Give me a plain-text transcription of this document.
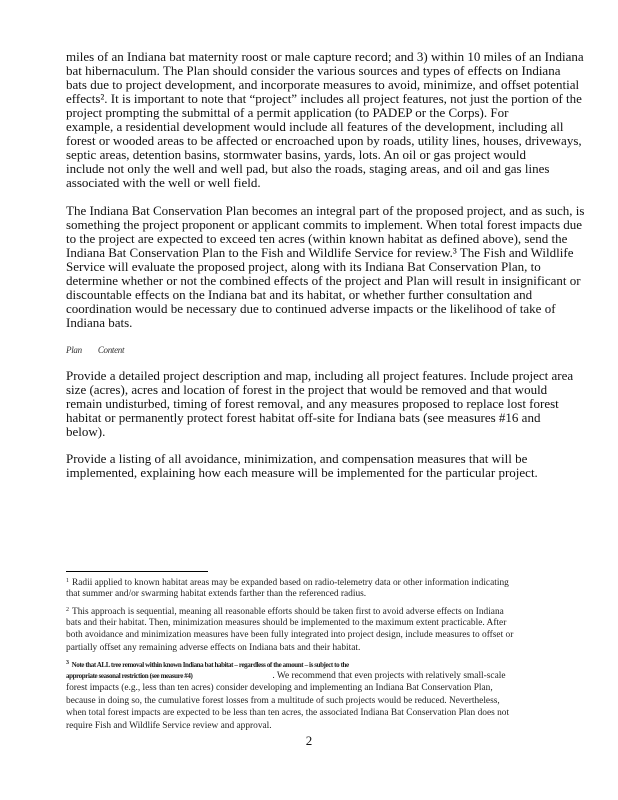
miles of an Indiana bat maternity roost or male capture record; and 3) within 10 miles of an Indiana
bat hibernaculum. The Plan should consider the various sources and types of effects on Indiana
bats due to project development, and incorporate measures to avoid, minimize, and offset potential
effects². It is important to note that “project” includes all project features, not just the portion of the
project prompting the submittal of a permit application (to PADEP or the Corps). For
example, a residential development would include all features of the development, including all
forest or wooded areas to be affected or encroached upon by roads, utility lines, houses, driveways,
septic areas, detention basins, stormwater basins, yards, lots. An oil or gas project would
include not only the well and well pad, but also the roads, staging areas, and oil and gas lines
associated with the well or well field.
The Indiana Bat Conservation Plan becomes an integral part of the proposed project, and as such, is
something the project proponent or applicant commits to implement. When total forest impacts due
to the project are expected to exceed ten acres (within known habitat as defined above), send the
Indiana Bat Conservation Plan to the Fish and Wildlife Service for review.³ The Fish and Wildlife
Service will evaluate the proposed project, along with its Indiana Bat Conservation Plan, to
determine whether or not the combined effects of the project and Plan will result in insignificant or
discountable effects on the Indiana bat and its habitat, or whether further consultation and
coordination would be necessary due to continued adverse impacts or the likelihood of take of
Indiana bats.
Plan Content
Provide a detailed project description and map, including all project features. Include project area
size (acres), acres and location of forest in the project that would be removed and that would
remain undisturbed, timing of forest removal, and any measures proposed to replace lost forest
habitat or permanently protect forest habitat off-site for Indiana bats (see measures #16 and
below).
Provide a listing of all avoidance, minimization, and compensation measures that will be
implemented, explaining how each measure will be implemented for the particular project.
$^1$ Radii applied to known habitat areas may be expanded based on radio-telemetry data or other information indicating
that summer and/or swarming habitat extends farther than the referenced radius.
$^2$ This approach is sequential, meaning all reasonable efforts should be taken first to avoid adverse effects on Indiana
bats and their habitat. Then, minimization measures should be implemented to the maximum extent practicable. After
both avoidance and minimization measures have been fully integrated into project design, include measures to offset or
partially offset any remaining adverse effects on Indiana bats and their habitat.
$^3$ Note that ALL tree removal within known Indiana bat habitat – regardless of the amount – is subject to the
appropriate seasonal restriction (see measure #4)	. We recommend that even projects with relatively small-scale
forest impacts (e.g., less than ten acres) consider developing and implementing an Indiana Bat Conservation Plan,
because in doing so, the cumulative forest losses from a multitude of such projects would be reduced. Nevertheless,
when total forest impacts are expected to be less than ten acres, the associated Indiana Bat Conservation Plan does not
require Fish and Wildlife Service review and approval.
2
